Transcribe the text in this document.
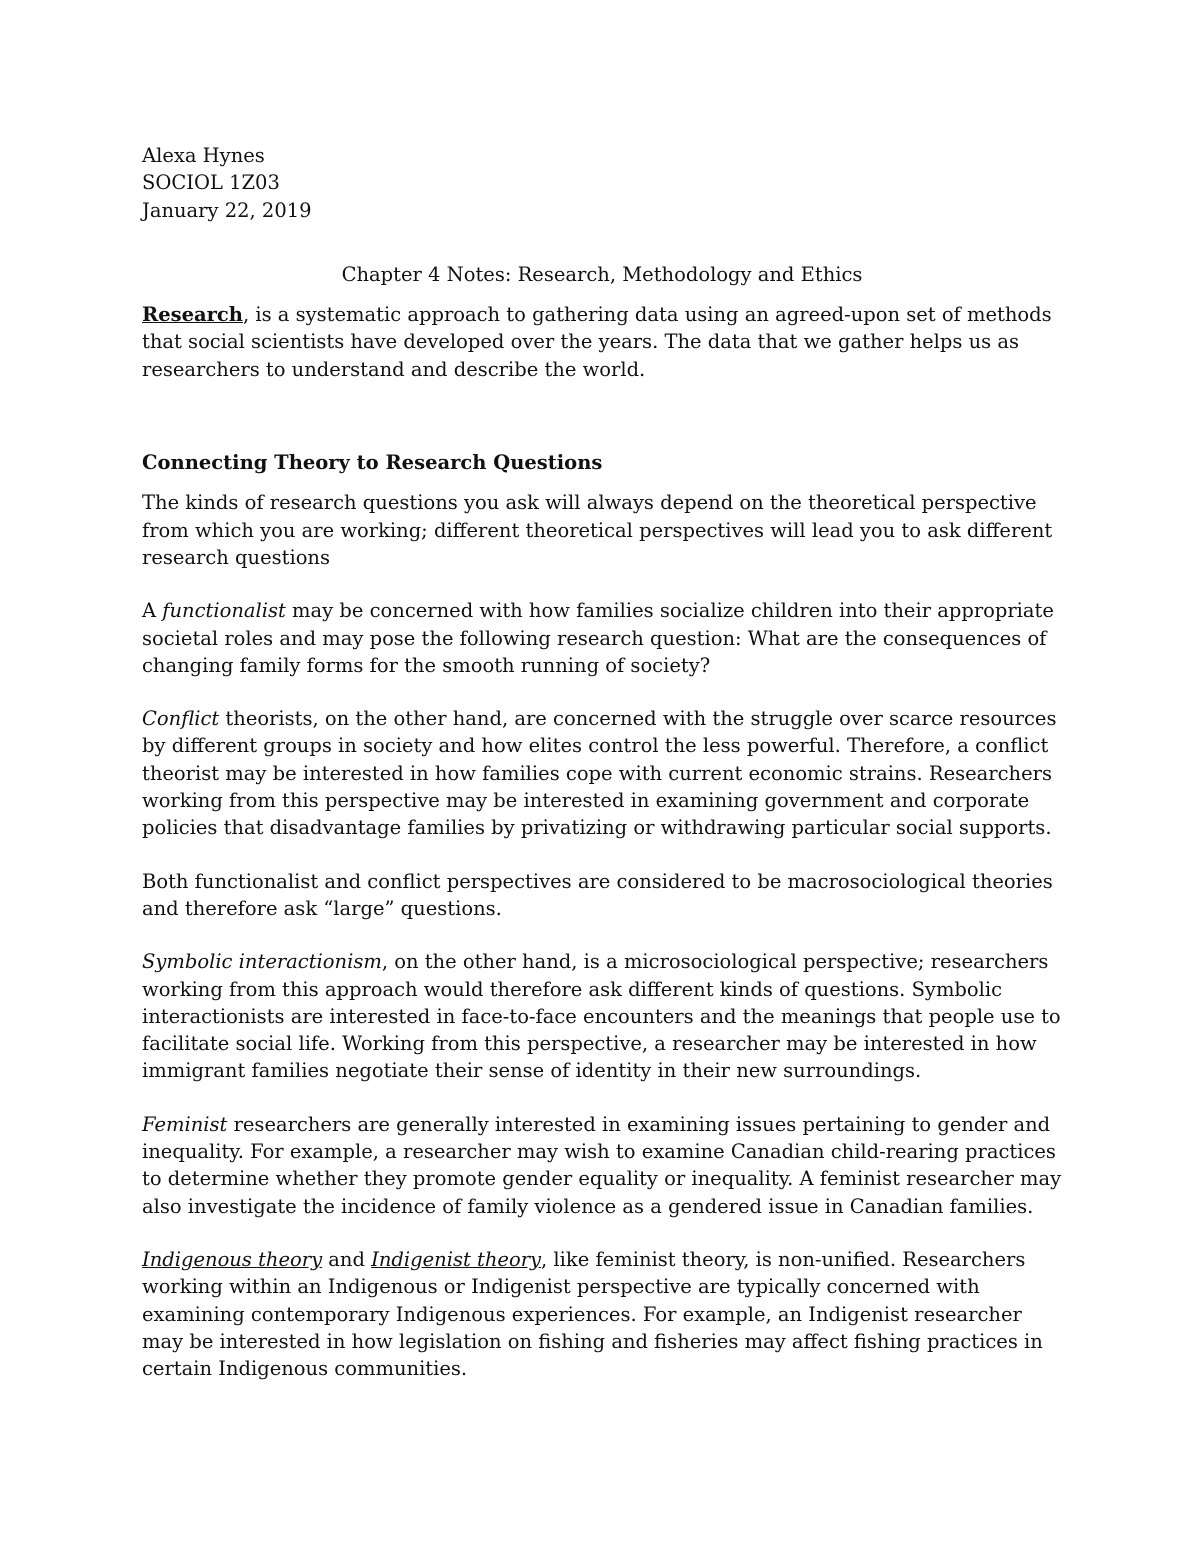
Alexa Hynes
SOCIOL 1Z03
January 22, 2019
Chapter 4 Notes: Research, Methodology and Ethics

Research, is a systematic approach to gathering data using an agreed-upon set of methods that social scientists have developed over the years. The data that we gather helps us as researchers to understand and describe the world.

Connecting Theory to Research Questions

The kinds of research questions you ask will always depend on the theoretical perspective from which you are working; different theoretical perspectives will lead you to ask different research questions

A functionalist may be concerned with how families socialize children into their appropriate societal roles and may pose the following research question: What are the consequences of changing family forms for the smooth running of society?

Conflict theorists, on the other hand, are concerned with the struggle over scarce resources by different groups in society and how elites control the less powerful. Therefore, a conflict theorist may be interested in how families cope with current economic strains. Researchers working from this perspective may be interested in examining government and corporate policies that disadvantage families by privatizing or withdrawing particular social supports.

Both functionalist and conflict perspectives are considered to be macrosociological theories and therefore ask “large” questions.

Symbolic interactionism, on the other hand, is a microsociological perspective; researchers working from this approach would therefore ask different kinds of questions. Symbolic interactionists are interested in face-to-face encounters and the meanings that people use to facilitate social life. Working from this perspective, a researcher may be interested in how immigrant families negotiate their sense of identity in their new surroundings.

Feminist researchers are generally interested in examining issues pertaining to gender and inequality. For example, a researcher may wish to examine Canadian child-rearing practices to determine whether they promote gender equality or inequality. A feminist researcher may also investigate the incidence of family violence as a gendered issue in Canadian families.

Indigenous theory and Indigenist theory, like feminist theory, is non-unified. Researchers working within an Indigenous or Indigenist perspective are typically concerned with examining contemporary Indigenous experiences. For example, an Indigenist researcher may be interested in how legislation on fishing and fisheries may affect fishing practices in certain Indigenous communities.
